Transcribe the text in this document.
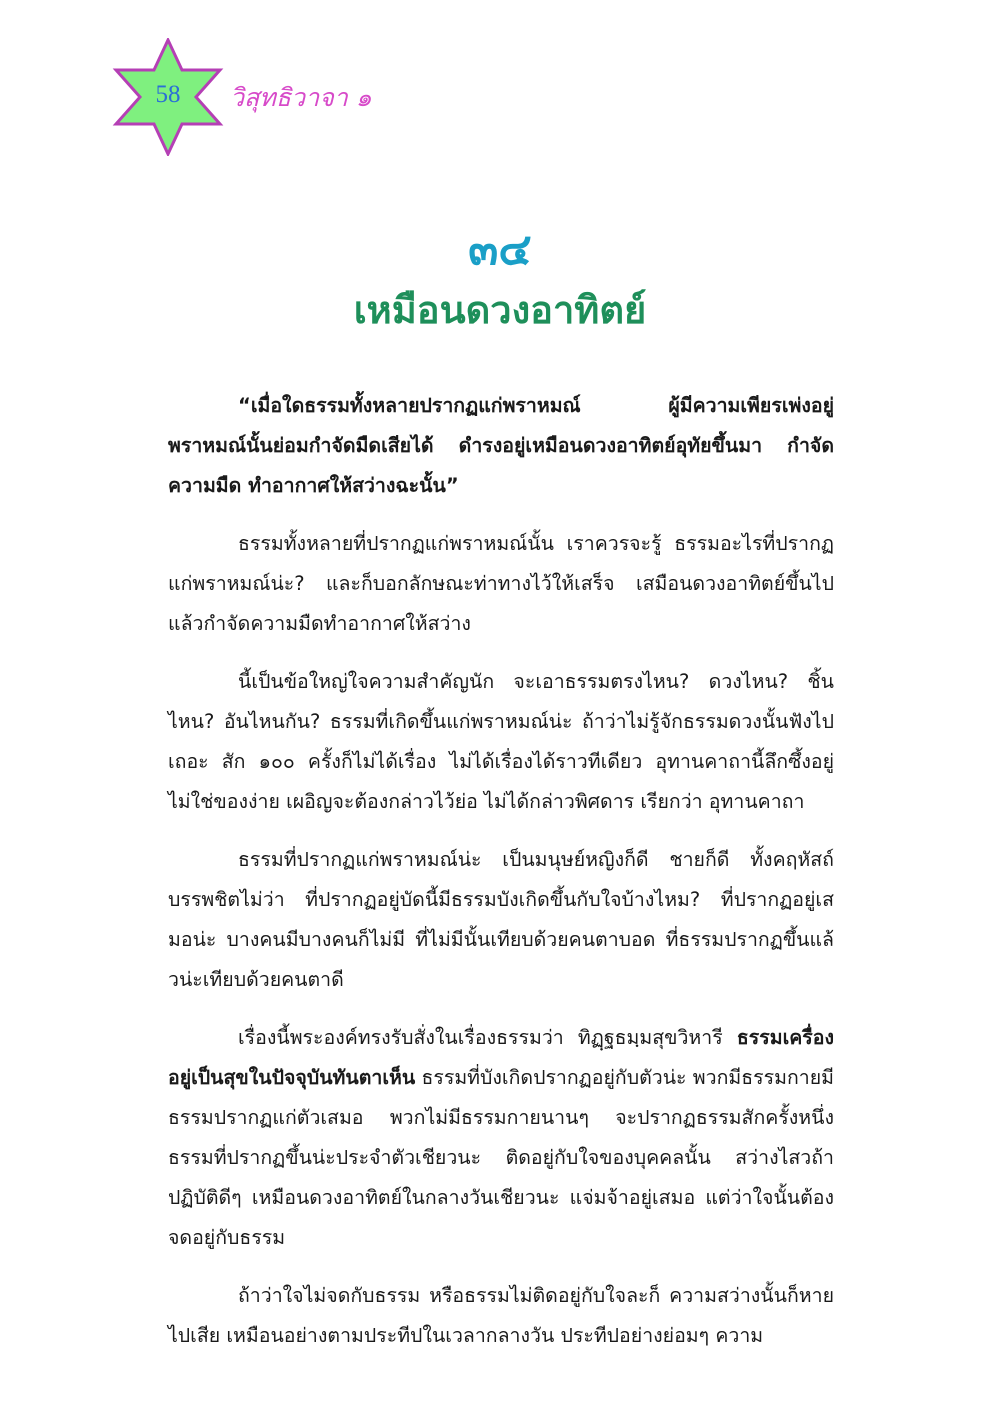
58	วิสุทธิวาจา ๑
๓๔
เหมือนดวงอาทิตย์

“เมื่อใดธรรมทั้งหลายปรากฏแก่พราหมณ์ ผู้มีความเพียรเพ่งอยู่ พราหมณ์นั้นย่อมกำจัดมืดเสียได้ ดำรงอยู่เหมือนดวงอาทิตย์อุทัยขึ้นมา กำจัดความมืด ทำอากาศให้สว่างฉะนั้น”

ธรรมทั้งหลายที่ปรากฏแก่พราหมณ์นั้น เราควรจะรู้ ธรรมอะไรที่ปรากฏแก่พราหมณ์น่ะ? และก็บอกลักษณะท่าทางไว้ให้เสร็จ เสมือนดวงอาทิตย์ขึ้นไปแล้วกำจัดความมืดทำอากาศให้สว่าง

นี้เป็นข้อใหญ่ใจความสำคัญนัก จะเอาธรรมตรงไหน? ดวงไหน? ชิ้นไหน? อันไหนกัน? ธรรมที่เกิดขึ้นแก่พราหมณ์น่ะ ถ้าว่าไม่รู้จักธรรมดวงนั้นฟังไปเถอะ สัก ๑๐๐ ครั้งก็ไม่ได้เรื่อง ไม่ได้เรื่องได้ราวทีเดียว อุทานคาถานี้ลึกซึ้งอยู่ไม่ใช่ของง่าย เผอิญจะต้องกล่าวไว้ย่อ ไม่ได้กล่าวพิศดาร เรียกว่า อุทานคาถา

ธรรมที่ปรากฏแก่พราหมณ์น่ะ เป็นมนุษย์หญิงก็ดี ชายก็ดี ทั้งคฤหัสถ์บรรพชิตไม่ว่า ที่ปรากฏอยู่บัดนี้มีธรรมบังเกิดขึ้นกับใจบ้างไหม? ที่ปรากฏอยู่เสมอน่ะ บางคนมีบางคนก็ไม่มี ที่ไม่มีนั้นเทียบด้วยคนตาบอด ที่ธรรมปรากฏขึ้นแล้วน่ะเทียบด้วยคนตาดี

เรื่องนี้พระองค์ทรงรับสั่งในเรื่องธรรมว่า ทิฏฺฐธมฺมสุขวิหารี ธรรมเครื่องอยู่เป็นสุขในปัจจุบันทันตาเห็น ธรรมที่บังเกิดปรากฏอยู่กับตัวน่ะ พวกมีธรรมกายมีธรรมปรากฏแก่ตัวเสมอ พวกไม่มีธรรมกายนานๆ จะปรากฏธรรมสักครั้งหนึ่ง ธรรมที่ปรากฏขึ้นน่ะประจำตัวเชียวนะ ติดอยู่กับใจของบุคคลนั้น สว่างไสวถ้าปฏิบัติดีๆ เหมือนดวงอาทิตย์ในกลางวันเชียวนะ แจ่มจ้าอยู่เสมอ แต่ว่าใจนั้นต้องจดอยู่กับธรรม

ถ้าว่าใจไม่จดกับธรรม หรือธรรมไม่ติดอยู่กับใจละก็ ความสว่างนั้นก็หายไปเสีย เหมือนอย่างตามประทีปในเวลากลางวัน ประทีปอย่างย่อมๆ ความ
